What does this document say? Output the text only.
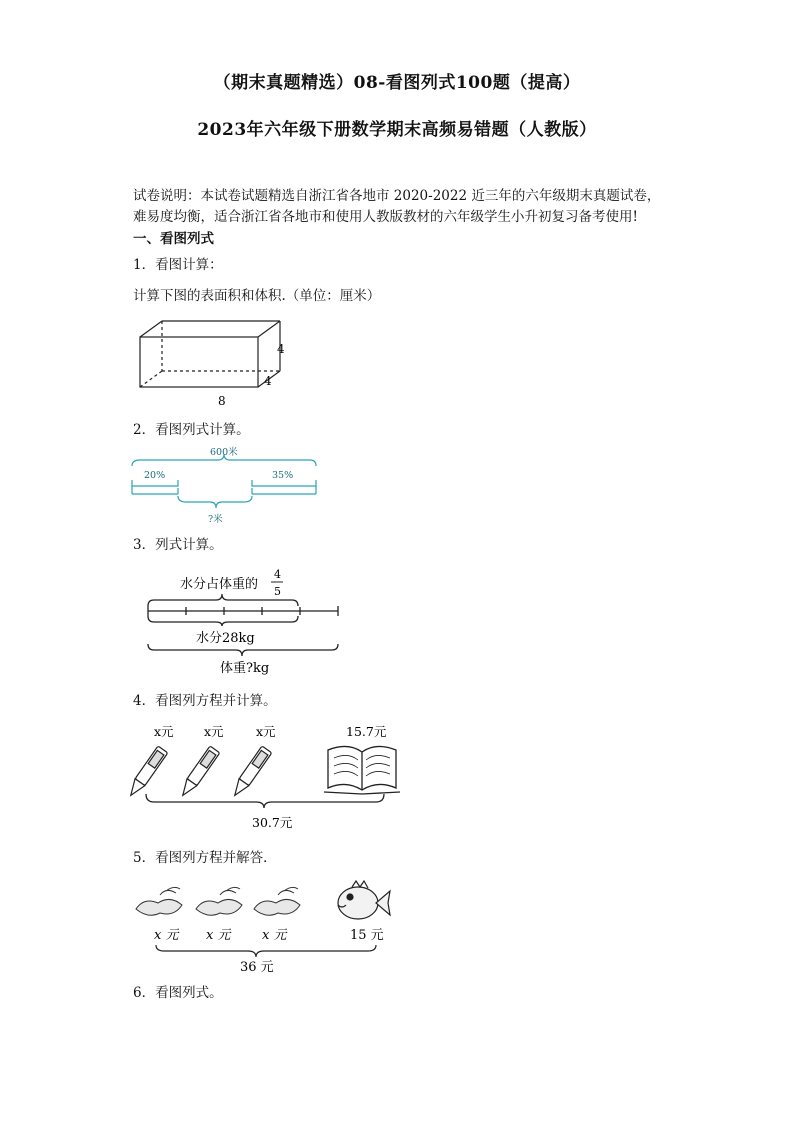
（期末真题精选）08-看图列式100题（提高）
2023年六年级下册数学期末高频易错题（人教版）
试卷说明：本试卷试题精选自浙江省各地市 2020-2022 近三年的六年级期末真题试卷，
难易度均衡，适合浙江省各地市和使用人教版教材的六年级学生小升初复习备考使用!
一、看图列式
1．看图计算：
计算下图的表面积和体积.（单位：厘米）
4
4
8
2．看图列式计算。
600米
20%	35%
?米
3．列式计算。
水分占体重的
4
5
水分28kg
体重?kg
4．看图列方程并计算。
x元 x元	x元	15.7元
30.7元
5．看图列方程并解答．
x 元 x 元 x 元	15 元
36 元
6．看图列式。
